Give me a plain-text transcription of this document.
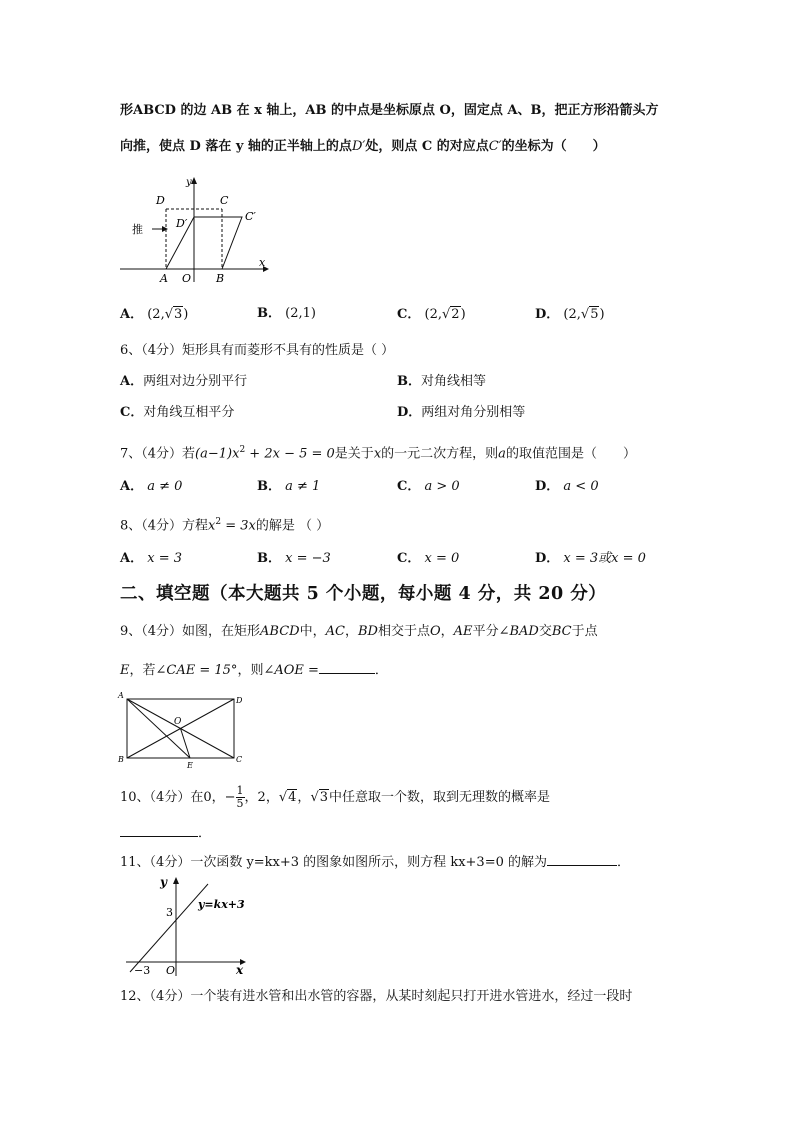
形ABCD 的边 AB 在 x 轴上，AB 的中点是坐标原点 O，固定点 A、B，把正方形沿箭头方
向推，使点 D 落在 y 轴的正半轴上的点D′处，则点 C 的对应点C′的坐标为（　　）
y
x
D	C
D′
C′
推
A O B
A． (2,√3)	B． (2,1)	C． (2,√2)	D． (2,√5)
6、（4分）矩形具有而菱形不具有的性质是（ ）
A．两组对边分别平行	B．对角线相等
C．对角线互相平分	D．两组对角分别相等
7、（4分）若$(a-1)x^2 + 2x - 5 = 0$是关于x的一元二次方程，则a的取值范围是（　　）
A． a ≠ 0	B． a ≠ 1	C． a > 0	D． a < 0
8、（4分）方程$x^2 = 3x$的解是 （ ）
A． x = 3	B． x = −3	C． x = 0	D． x = 3或x = 0
二、填空题（本大题共 5 个小题，每小题 4 分，共 20 分）
9、（4分）如图，在矩形ABCD中，AC，BD相交于点O，AE平分∠BAD交BC于点
E，若∠CAE = 15°，则∠AOE =	．
A
D
O
B
E
C
10、（4分）在0，− $\frac{1}{5}$ ，2，√4，√3中任意取一个数，取到无理数的概率是
．
11、（4分）一次函数 y=kx+3 的图象如图所示，则方程 kx+3=0 的解为	．
y
x
3
−3 O
y=kx+3
12、（4分）一个装有进水管和出水管的容器，从某时刻起只打开进水管进水，经过一段时
